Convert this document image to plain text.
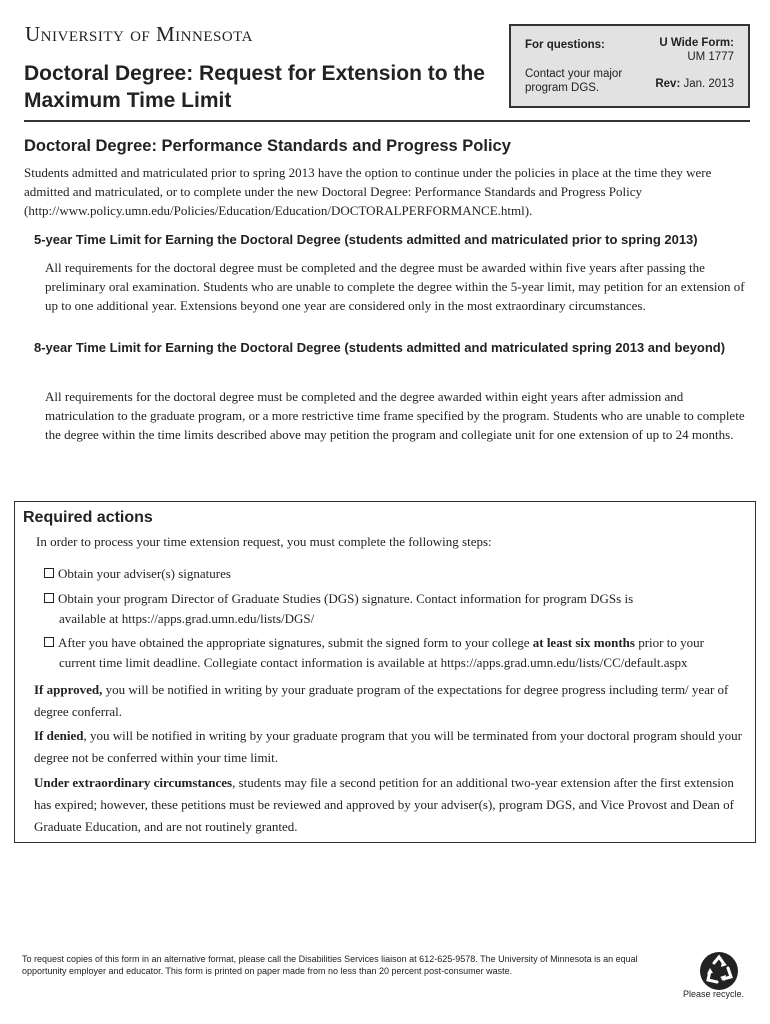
University of Minnesota
Doctoral Degree: Request for Extension to the Maximum Time Limit
For questions:
Contact your major program DGS.
U Wide Form:
UM 1777
Rev: Jan. 2013
Doctoral Degree: Performance Standards and Progress Policy
Students admitted and matriculated prior to spring 2013 have the option to continue under the policies in place at the time they were admitted and matriculated, or to complete under the new Doctoral Degree: Performance Standards and Progress Policy (http://www.policy.umn.edu/Policies/Education/Education/DOCTORALPERFORMANCE.html).
5-year Time Limit for Earning the Doctoral Degree (students admitted and matriculated prior to spring 2013)
All requirements for the doctoral degree must be completed and the degree must be awarded within five years after passing the preliminary oral examination. Students who are unable to complete the degree within the 5-year limit, may petition for an extension of up to one additional year. Extensions beyond one year are considered only in the most extraordinary circumstances.
8-year Time Limit for Earning the Doctoral Degree (students admitted and matriculated spring 2013 and beyond)
All requirements for the doctoral degree must be completed and the degree awarded within eight years after admission and matriculation to the graduate program, or a more restrictive time frame specified by the program. Students who are unable to complete the degree within the time limits described above may petition the program and collegiate unit for one extension of up to 24 months.
Required actions
In order to process your time extension request, you must complete the following steps:
Obtain your adviser(s) signatures
Obtain your program Director of Graduate Studies (DGS) signature. Contact information for program DGSs is
available at https://apps.grad.umn.edu/lists/DGS/
After you have obtained the appropriate signatures, submit the signed form to your college at least six months prior to your
current time limit deadline. Collegiate contact information is available at https://apps.grad.umn.edu/lists/CC/default.aspx
If approved, you will be notified in writing by your graduate program of the expectations for degree progress including term/ year of degree conferral.
If denied, you will be notified in writing by your graduate program that you will be terminated from your doctoral program should your degree not be conferred within your time limit.
Under extraordinary circumstances, students may file a second petition for an additional two-year extension after the first extension has expired; however, these petitions must be reviewed and approved by your adviser(s), program DGS, and Vice Provost and Dean of Graduate Education, and are not routinely granted.
To request copies of this form in an alternative format, please call the Disabilities Services liaison at 612-625-9578. The University of Minnesota is an equal opportunity employer and educator. This form is printed on paper made from no less than 20 percent post-consumer waste.
Please recycle.
